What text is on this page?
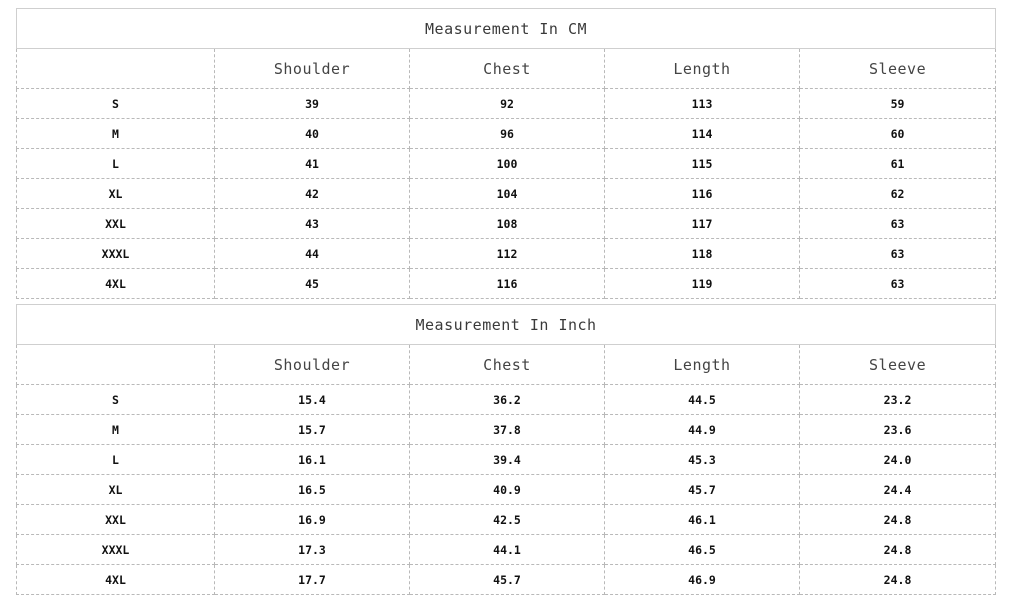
Measurement In CM				
	Shoulder	Chest	Length	Sleeve
S	39	92	113	59
M	40	96	114	60
L	41	100	115	61
XL	42	104	116	62
XXL	43	108	117	63
XXXL	44	112	118	63
4XL	45	116	119	63
Measurement In Inch				
	Shoulder	Chest	Length	Sleeve
S	15.4	36.2	44.5	23.2
M	15.7	37.8	44.9	23.6
L	16.1	39.4	45.3	24.0
XL	16.5	40.9	45.7	24.4
XXL	16.9	42.5	46.1	24.8
XXXL	17.3	44.1	46.5	24.8
4XL	17.7	45.7	46.9	24.8
